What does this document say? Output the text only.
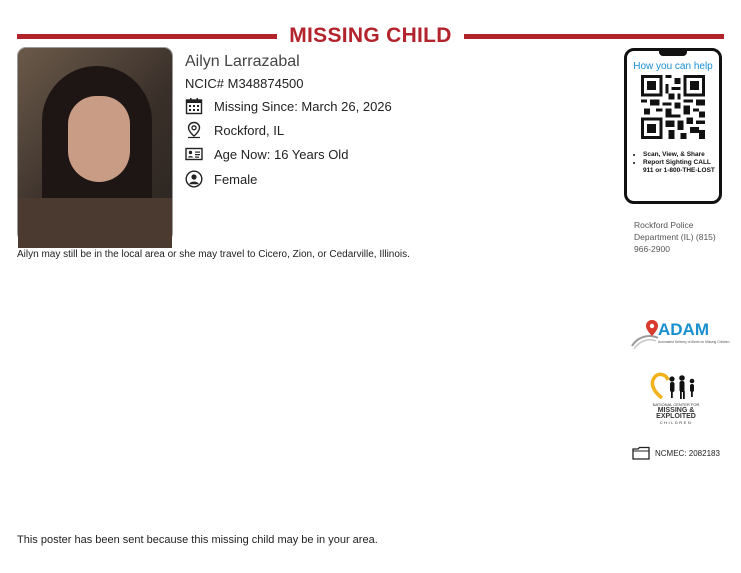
MISSING CHILD
Ailyn Larrazabal
NCIC# M348874500
Missing Since: March 26, 2026
Rockford, IL
Age Now: 16 Years Old
Female
Ailyn may still be in the local area or she may travel to Cicero, Zion, or Cedarville, Illinois.
How you can help
• Scan, View, & Share
• Report Sighting CALL 911 or 1-800-THE-LOST
Rockford Police Department (IL) (815) 966-2900
ADAM
Automated Delivery of Alerts on Missing Children
NATIONAL CENTER FOR
MISSING &
EXPLOITED
CHILDREN
NCMEC: 2082183
This poster has been sent because this missing child may be in your area.
